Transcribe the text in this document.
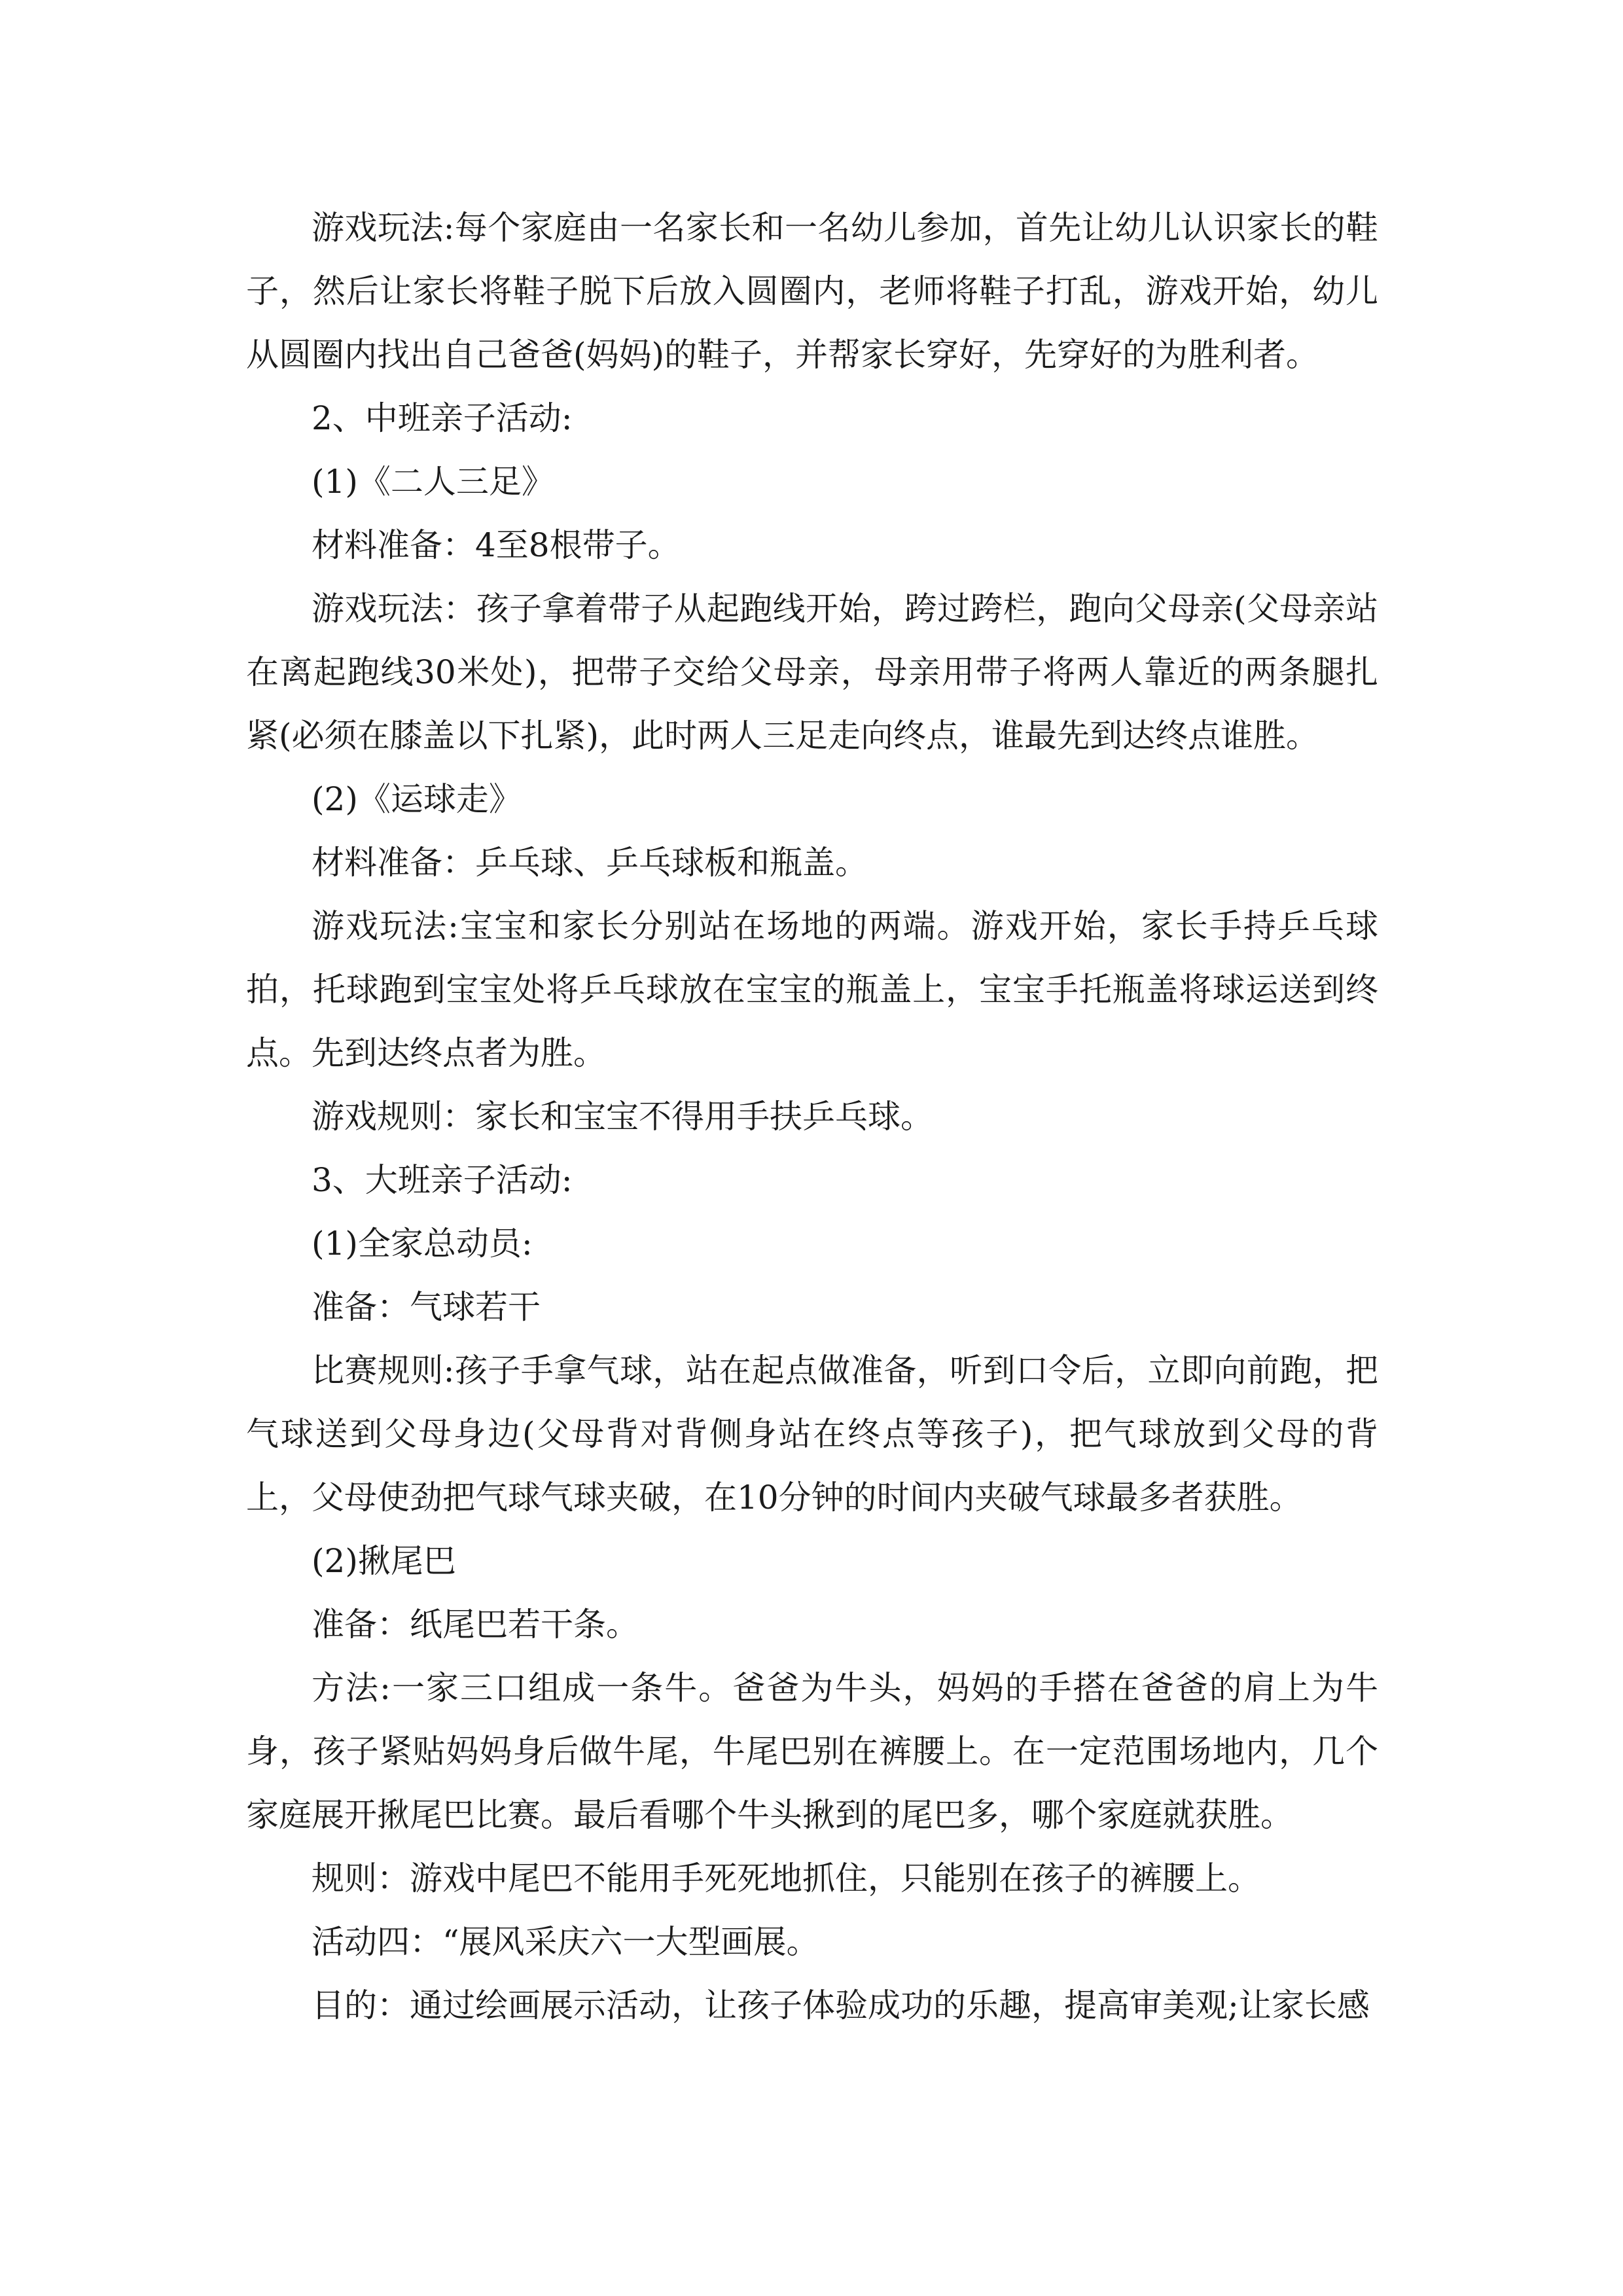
游戏玩法:每个家庭由一名家长和一名幼儿参加，首先让幼儿认识家长的鞋子，然后让家长将鞋子脱下后放入圆圈内，老师将鞋子打乱，游戏开始，幼儿从圆圈内找出自己爸爸(妈妈)的鞋子，并帮家长穿好，先穿好的为胜利者。

2、中班亲子活动:

(1)《二人三足》

材料准备：4至8根带子。

游戏玩法：孩子拿着带子从起跑线开始，跨过跨栏，跑向父母亲(父母亲站在离起跑线30米处)，把带子交给父母亲，母亲用带子将两人靠近的两条腿扎紧(必须在膝盖以下扎紧)，此时两人三足走向终点，谁最先到达终点谁胜。

(2)《运球走》

材料准备：乒乓球、乒乓球板和瓶盖。

游戏玩法:宝宝和家长分别站在场地的两端。游戏开始，家长手持乒乓球拍，托球跑到宝宝处将乒乓球放在宝宝的瓶盖上，宝宝手托瓶盖将球运送到终点。先到达终点者为胜。

游戏规则：家长和宝宝不得用手扶乒乓球。

3、大班亲子活动:

(1)全家总动员:

准备：气球若干

比赛规则:孩子手拿气球，站在起点做准备，听到口令后，立即向前跑，把气球送到父母身边(父母背对背侧身站在终点等孩子)，把气球放到父母的背上，父母使劲把气球气球夹破，在10分钟的时间内夹破气球最多者获胜。

(2)揪尾巴

准备：纸尾巴若干条。

方法:一家三口组成一条牛。爸爸为牛头，妈妈的手搭在爸爸的肩上为牛身，孩子紧贴妈妈身后做牛尾，牛尾巴别在裤腰上。在一定范围场地内，几个家庭展开揪尾巴比赛。最后看哪个牛头揪到的尾巴多，哪个家庭就获胜。

规则：游戏中尾巴不能用手死死地抓住，只能别在孩子的裤腰上。

活动四：“展风采庆六一大型画展。

目的：通过绘画展示活动，让孩子体验成功的乐趣，提高审美观;让家长感
